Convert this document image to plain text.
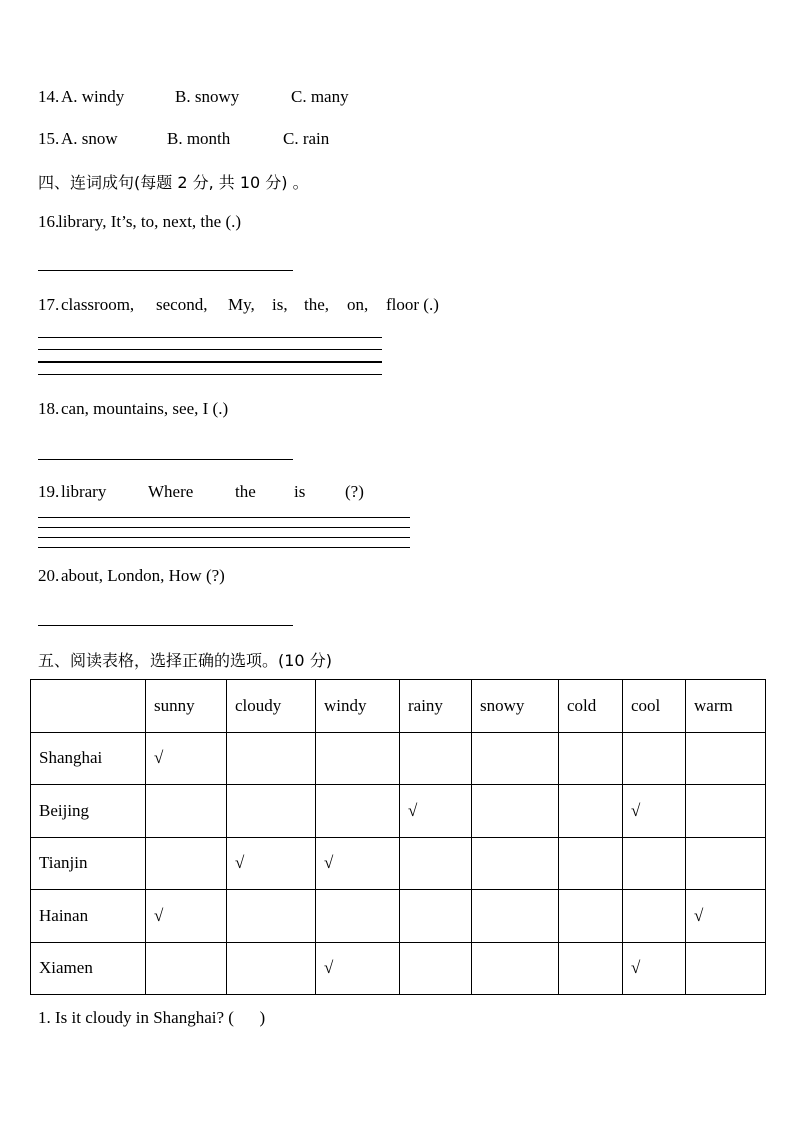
14. A. windy	B. snowy	C. many
15. A. snow	B. month	C. rain
四、连词成句(每题 2 分, 共 10 分) 。
16.
library, It’s, to, next, the (.)
17. classroom, second, My, is, the, on, floor (.)
18. can, mountains, see, I (.)
19. library Where the is (?)
20. about, London, How (?)
五、阅读表格，选择正确的选项。(10 分)
	sunny	cloudy	windy	rainy	snowy	cold	cool	warm
Shanghai	√							
Beijing				√			√	
Tianjin		√	√					
Hainan	√							√
Xiamen			√				√	
1. Is it cloudy in Shanghai? (      )
